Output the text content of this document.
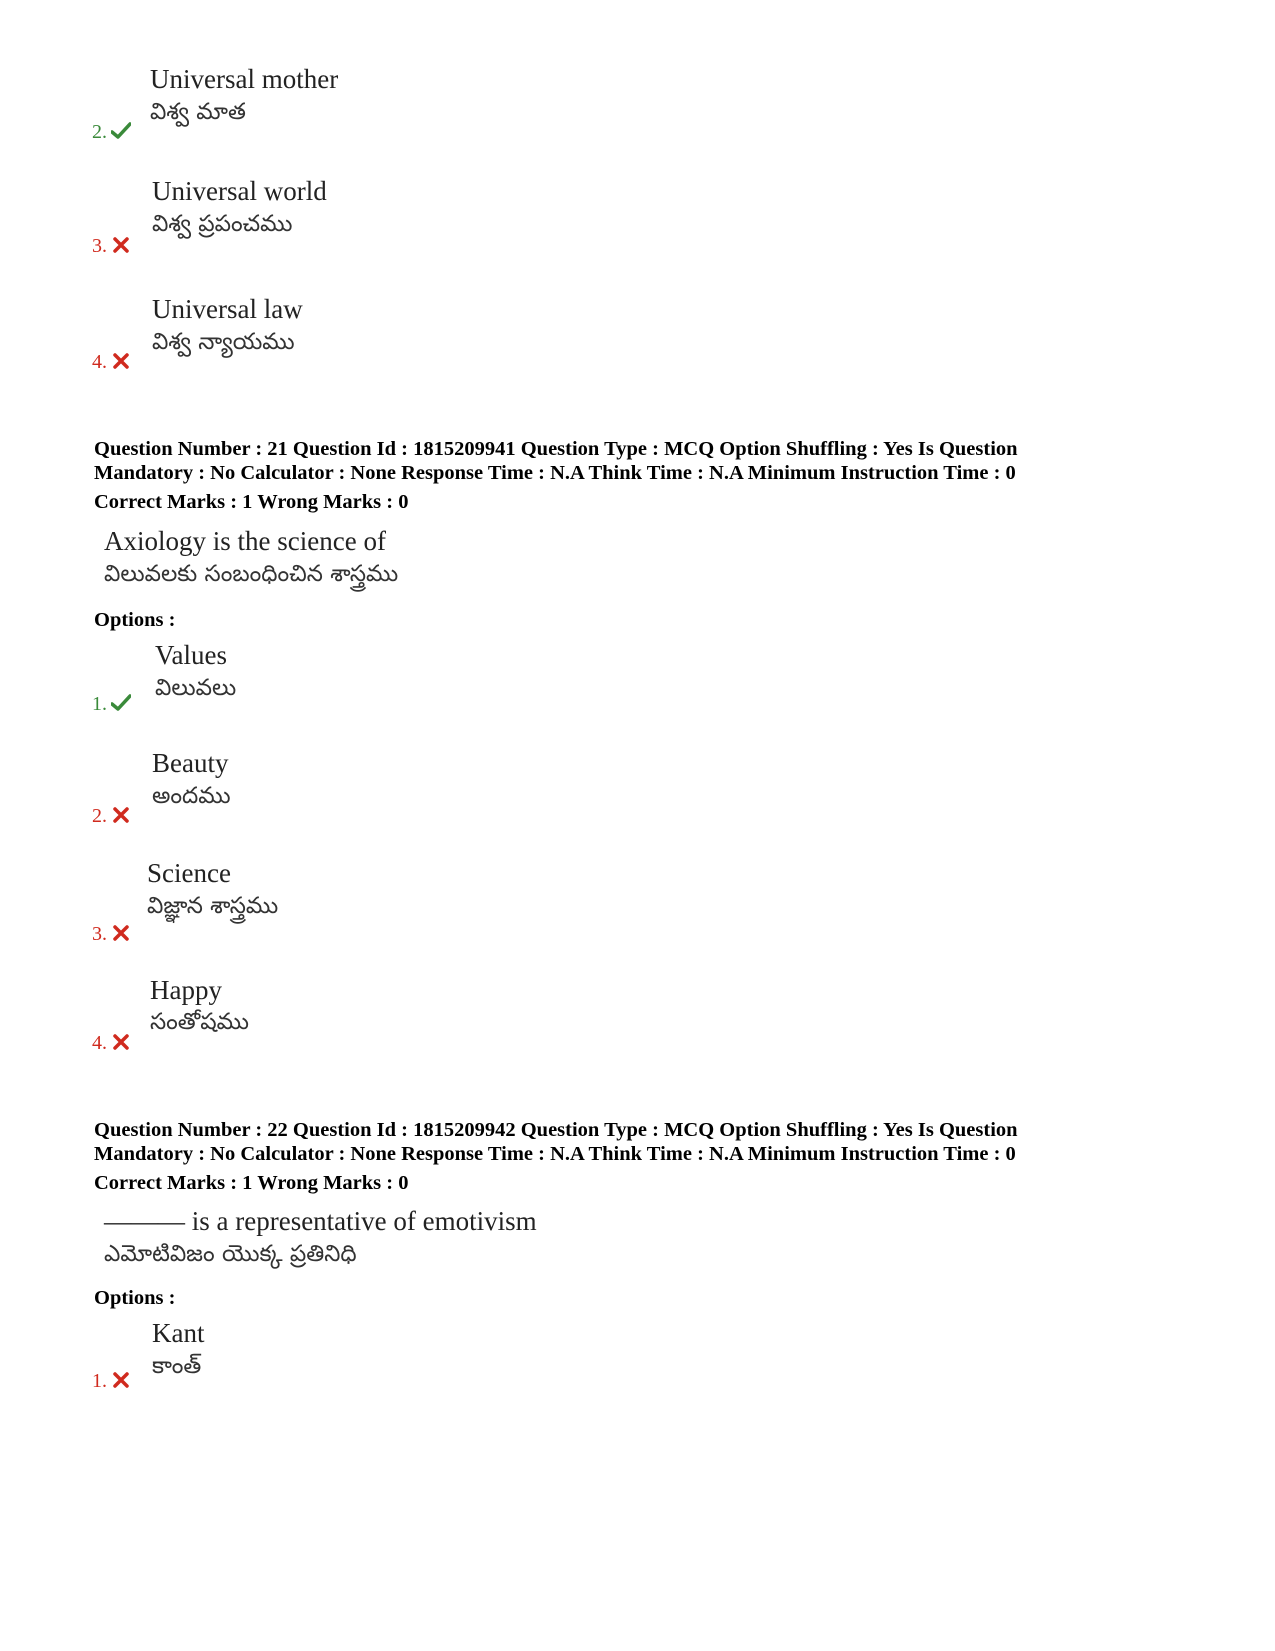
Universal mother
విశ్వ మాత
2.
Universal world
విశ్వ ప్రపంచము
3.
Universal law
విశ్వ న్యాయము
4.
Question Number : 21 Question Id : 1815209941 Question Type : MCQ Option Shuffling : Yes Is Question
Mandatory : No Calculator : None Response Time : N.A Think Time : N.A Minimum Instruction Time : 0
Correct Marks : 1 Wrong Marks : 0
Axiology is the science of
విలువలకు సంబంధించిన శాస్త్రము
Options :
Values
విలువలు
1.
Beauty
అందము
2.
Science
విజ్ఞాన శాస్త్రము
3.
Happy
సంతోషము
4.
Question Number : 22 Question Id : 1815209942 Question Type : MCQ Option Shuffling : Yes Is Question
Mandatory : No Calculator : None Response Time : N.A Think Time : N.A Minimum Instruction Time : 0
Correct Marks : 1 Wrong Marks : 0
——— is a representative of emotivism
ఎమోటివిజం యొక్క ప్రతినిధి
Options :
Kant
కాంత్
1.
